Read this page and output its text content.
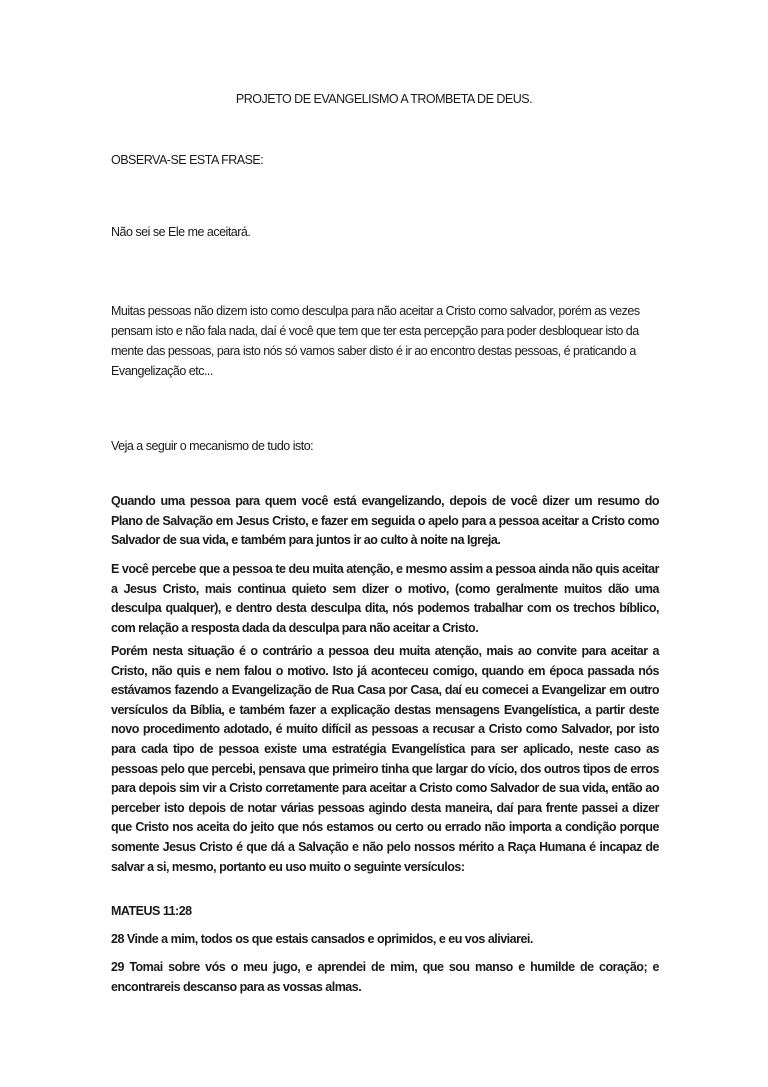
PROJETO DE EVANGELISMO A TROMBETA DE DEUS.

OBSERVA-SE ESTA FRASE:

Não sei se Ele me aceitará.

Muitas pessoas não dizem isto como desculpa para não aceitar a Cristo como salvador, porém as vezes pensam isto e não fala nada, daí é você que tem que ter esta percepção para poder desbloquear isto da mente das pessoas, para isto nós só vamos saber disto é ir ao encontro destas pessoas, é praticando a Evangelização etc...

Veja a seguir o mecanismo de tudo isto:

Quando uma pessoa para quem você está evangelizando, depois de você dizer um resumo do Plano de Salvação em Jesus Cristo, e fazer em seguida o apelo para a pessoa aceitar a Cristo como Salvador de sua vida, e também para juntos ir ao culto à noite na Igreja.

E você percebe que a pessoa te deu muita atenção, e mesmo assim a pessoa ainda não quis aceitar a Jesus Cristo, mais continua quieto sem dizer o motivo, (como geralmente muitos dão uma desculpa qualquer), e dentro desta desculpa dita, nós podemos trabalhar com os trechos bíblico, com relação a resposta dada da desculpa para não aceitar a Cristo.

Porém nesta situação é o contrário a pessoa deu muita atenção, mais ao convite para aceitar a Cristo, não quis e nem falou o motivo. Isto já aconteceu comigo, quando em época passada nós estávamos fazendo a Evangelização de Rua Casa por Casa, daí eu comecei a Evangelizar em outro versículos da Bíblia, e também fazer a explicação destas mensagens Evangelística, a partir deste novo procedimento adotado, é muito difícil as pessoas a recusar a Cristo como Salvador, por isto para cada tipo de pessoa existe uma estratégia Evangelística para ser aplicado, neste caso as pessoas pelo que percebi, pensava que primeiro tinha que largar do vício, dos outros tipos de erros para depois sim vir a Cristo corretamente para aceitar a Cristo como Salvador de sua vida, então ao perceber isto depois de notar várias pessoas agindo desta maneira, daí para frente passei a dizer que Cristo nos aceita do jeito que nós estamos ou certo ou errado não importa a condição porque somente Jesus Cristo é que dá a Salvação e não pelo nossos mérito a Raça Humana é incapaz de salvar a si, mesmo, portanto eu uso muito o seguinte versículos:

MATEUS 11:28

28 Vinde a mim, todos os que estais cansados e oprimidos, e eu vos aliviarei.

29 Tomai sobre vós o meu jugo, e aprendei de mim, que sou manso e humilde de coração; e encontrareis descanso para as vossas almas.
